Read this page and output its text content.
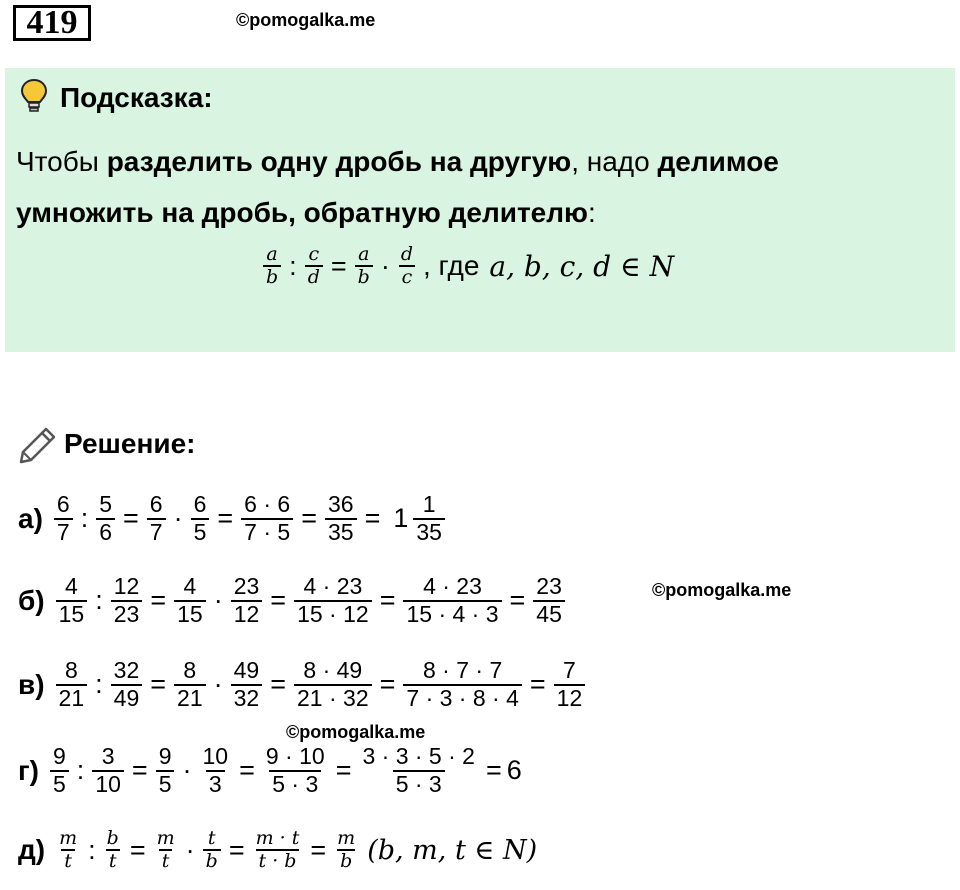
419	©pomogalka.me
Подсказка:
Чтобы разделить одну дробь на другую, надо делимое
умножить на дробь, обратную делителю:
$\frac{a}{b}$ : $\frac{c}{d} = \frac{a}{b} \cdot \frac{d}{c}$ , где a, b, c, d ∈ N
Решение:
$а) \frac{6}{7}$ : $\frac{5}{6} = \frac{6}{7} \cdot \frac{6}{5} = \frac{6 \cdot 6}{7 \cdot 5} = \frac{36}{35} = 1 \frac{1}{35}$
$б) \frac{4}{15}$ : $\frac{12}{23} = \frac{4}{15} \cdot \frac{23}{12} = \frac{4 \cdot 23}{15 \cdot 12} = \frac{4 \cdot 23}{15 \cdot 4 \cdot 3} = \frac{23}{45}$	©pomogalka.me
$в) \frac{8}{21}$ : $\frac{32}{49} = \frac{8}{21} \cdot \frac{49}{32} = \frac{8 \cdot 49}{21 \cdot 32} = \frac{8 \cdot 7 \cdot 7}{7 \cdot 3 \cdot 8 \cdot 4} = \frac{7}{12}$
©pomogalka.me
$г) \frac{9}{5}$ : $\frac{3}{10} = \frac{9}{5} \cdot \frac{10}{3} = \frac{9 \cdot 10}{5 \cdot 3} = \frac{3 \cdot 3 \cdot 5 \cdot 2}{5 \cdot 3} = 6$
$д) \frac{m}{t}$ : $\frac{b}{t} = \frac{m}{t} \cdot \frac{t}{b} = \frac{m \cdot t}{t \cdot b} = \frac{m}{b} (b$, m, t ∈ N)
